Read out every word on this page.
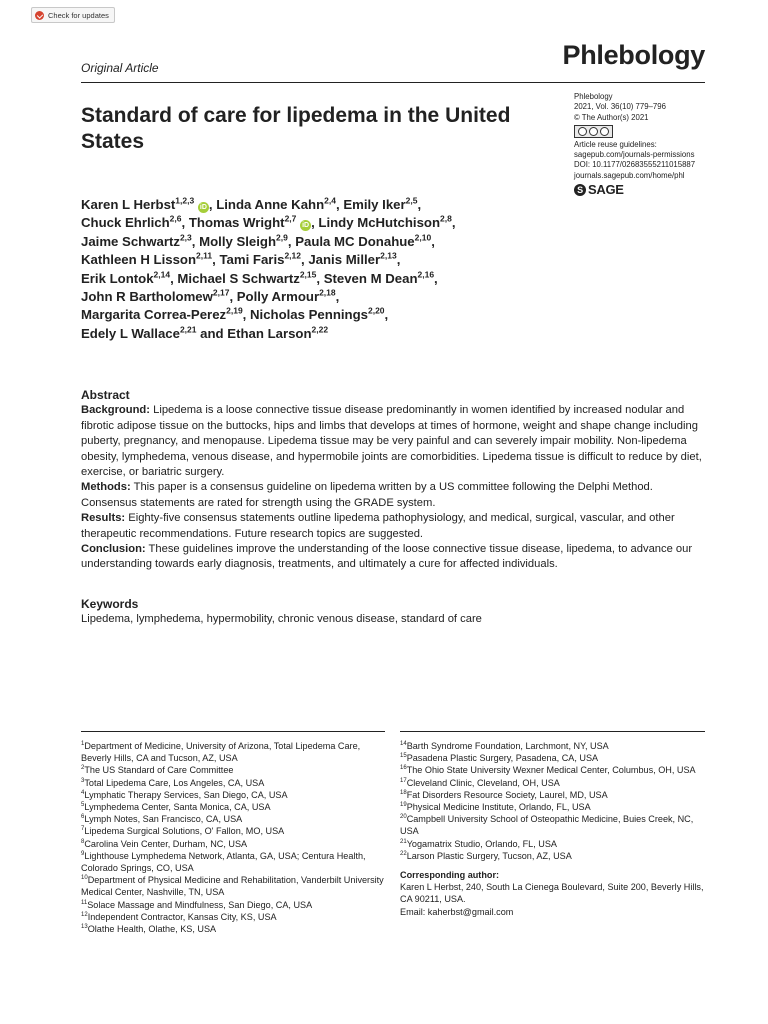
Check for updates
Original Article	Phlebology
Standard of care for lipedema in the United States
Phlebology
2021, Vol. 36(10) 779–796
© The Author(s) 2021
Article reuse guidelines:
sagepub.com/journals-permissions
DOI: 10.1177/02683555211015887
journals.sagepub.com/home/phl
S SAGE
Karen L Herbst$^{1,2,3}$ iD , Linda Anne Kahn$^{2,4}$, Emily Iker$^{2,5}$,
Chuck Ehrlich$^{2,6}$, Thomas Wright$^{2,7}$ iD , Lindy McHutchison$^{2,8}$,
Jaime Schwartz$^{2,3}$, Molly Sleigh$^{2,9}$, Paula MC Donahue$^{2,10}$,
Kathleen H Lisson$^{2,11}$, Tami Faris$^{2,12}$, Janis Miller$^{2,13}$,
Erik Lontok$^{2,14}$, Michael S Schwartz$^{2,15}$, Steven M Dean$^{2,16}$,
John R Bartholomew$^{2,17}$, Polly Armour$^{2,18}$,
Margarita Correa-Perez$^{2,19}$, Nicholas Pennings$^{2,20}$,
Edely L Wallace$^{2,21}$ and Ethan Larson$^{2,22}$

Abstract

Background: Lipedema is a loose connective tissue disease predominantly in women identified by increased nodular and fibrotic adipose tissue on the buttocks, hips and limbs that develops at times of hormone, weight and shape change including puberty, pregnancy, and menopause. Lipedema tissue may be very painful and can severely impair mobility. Non-lipedema obesity, lymphedema, venous disease, and hypermobile joints are comorbidities. Lipedema tissue is difficult to reduce by diet, exercise, or bariatric surgery.

Methods: This paper is a consensus guideline on lipedema written by a US committee following the Delphi Method. Consensus statements are rated for strength using the GRADE system.

Results: Eighty-five consensus statements outline lipedema pathophysiology, and medical, surgical, vascular, and other therapeutic recommendations. Future research topics are suggested.

Conclusion: These guidelines improve the understanding of the loose connective tissue disease, lipedema, to advance our understanding towards early diagnosis, treatments, and ultimately a cure for affected individuals.

Keywords
Lipedema, lymphedema, hypermobility, chronic venous disease, standard of care

$^1$Department of Medicine, University of Arizona, Total Lipedema Care, Beverly Hills, CA and Tucson, AZ, USA

$^2$The US Standard of Care Committee

$^3$Total Lipedema Care, Los Angeles, CA, USA

$^4$Lymphatic Therapy Services, San Diego, CA, USA

$^5$Lymphedema Center, Santa Monica, CA, USA

$^6$Lymph Notes, San Francisco, CA, USA

$^7$Lipedema Surgical Solutions, O' Fallon, MO, USA

$^8$Carolina Vein Center, Durham, NC, USA

$^9$Lighthouse Lymphedema Network, Atlanta, GA, USA; Centura Health, Colorado Springs, CO, USA

$^{10}$Department of Physical Medicine and Rehabilitation, Vanderbilt University Medical Center, Nashville, TN, USA

$^{11}$Solace Massage and Mindfulness, San Diego, CA, USA

$^{12}$Independent Contractor, Kansas City, KS, USA

$^{13}$Olathe Health, Olathe, KS, USA

$^{14}$Barth Syndrome Foundation, Larchmont, NY, USA

$^{15}$Pasadena Plastic Surgery, Pasadena, CA, USA

$^{16}$The Ohio State University Wexner Medical Center, Columbus, OH, USA

$^{17}$Cleveland Clinic, Cleveland, OH, USA

$^{18}$Fat Disorders Resource Society, Laurel, MD, USA

$^{19}$Physical Medicine Institute, Orlando, FL, USA

$^{20}$Campbell University School of Osteopathic Medicine, Buies Creek, NC, USA

$^{21}$Yogamatrix Studio, Orlando, FL, USA

$^{22}$Larson Plastic Surgery, Tucson, AZ, USA

Corresponding author:

Karen L Herbst, 240, South La Cienega Boulevard, Suite 200, Beverly Hills, CA 90211, USA.

Email: kaherbst@gmail.com
